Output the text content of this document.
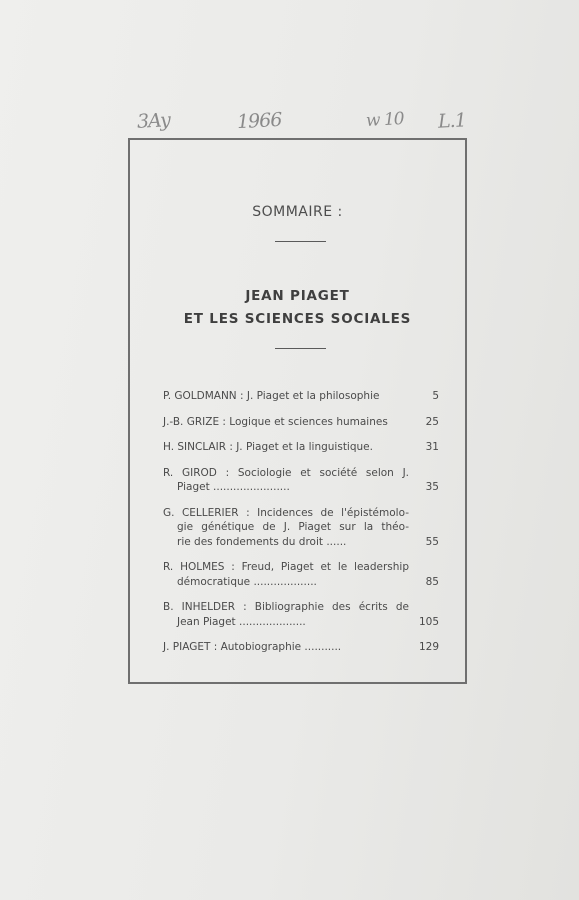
3Ay	1966	w 10 L.1
SOMMAIRE :
JEAN PIAGET
ET LES SCIENCES SOCIALES
P. GOLDMANN : J. Piaget et la philosophie	5
J.-B. GRIZE : Logique et sciences humaines	25
H. SINCLAIR : J. Piaget et la linguistique.	31
R. GIROD : Sociologie et société selon J.
Piaget .......................	35
G. CELLERIER : Incidences de l'épistémolo-
gie génétique de J. Piaget sur la théo-
rie des fondements du droit ......	55
R. HOLMES : Freud, Piaget et le leadership
démocratique ...................	85
B. INHELDER : Bibliographie des écrits de
Jean Piaget ....................	105
J. PIAGET : Autobiographie ...........	129
